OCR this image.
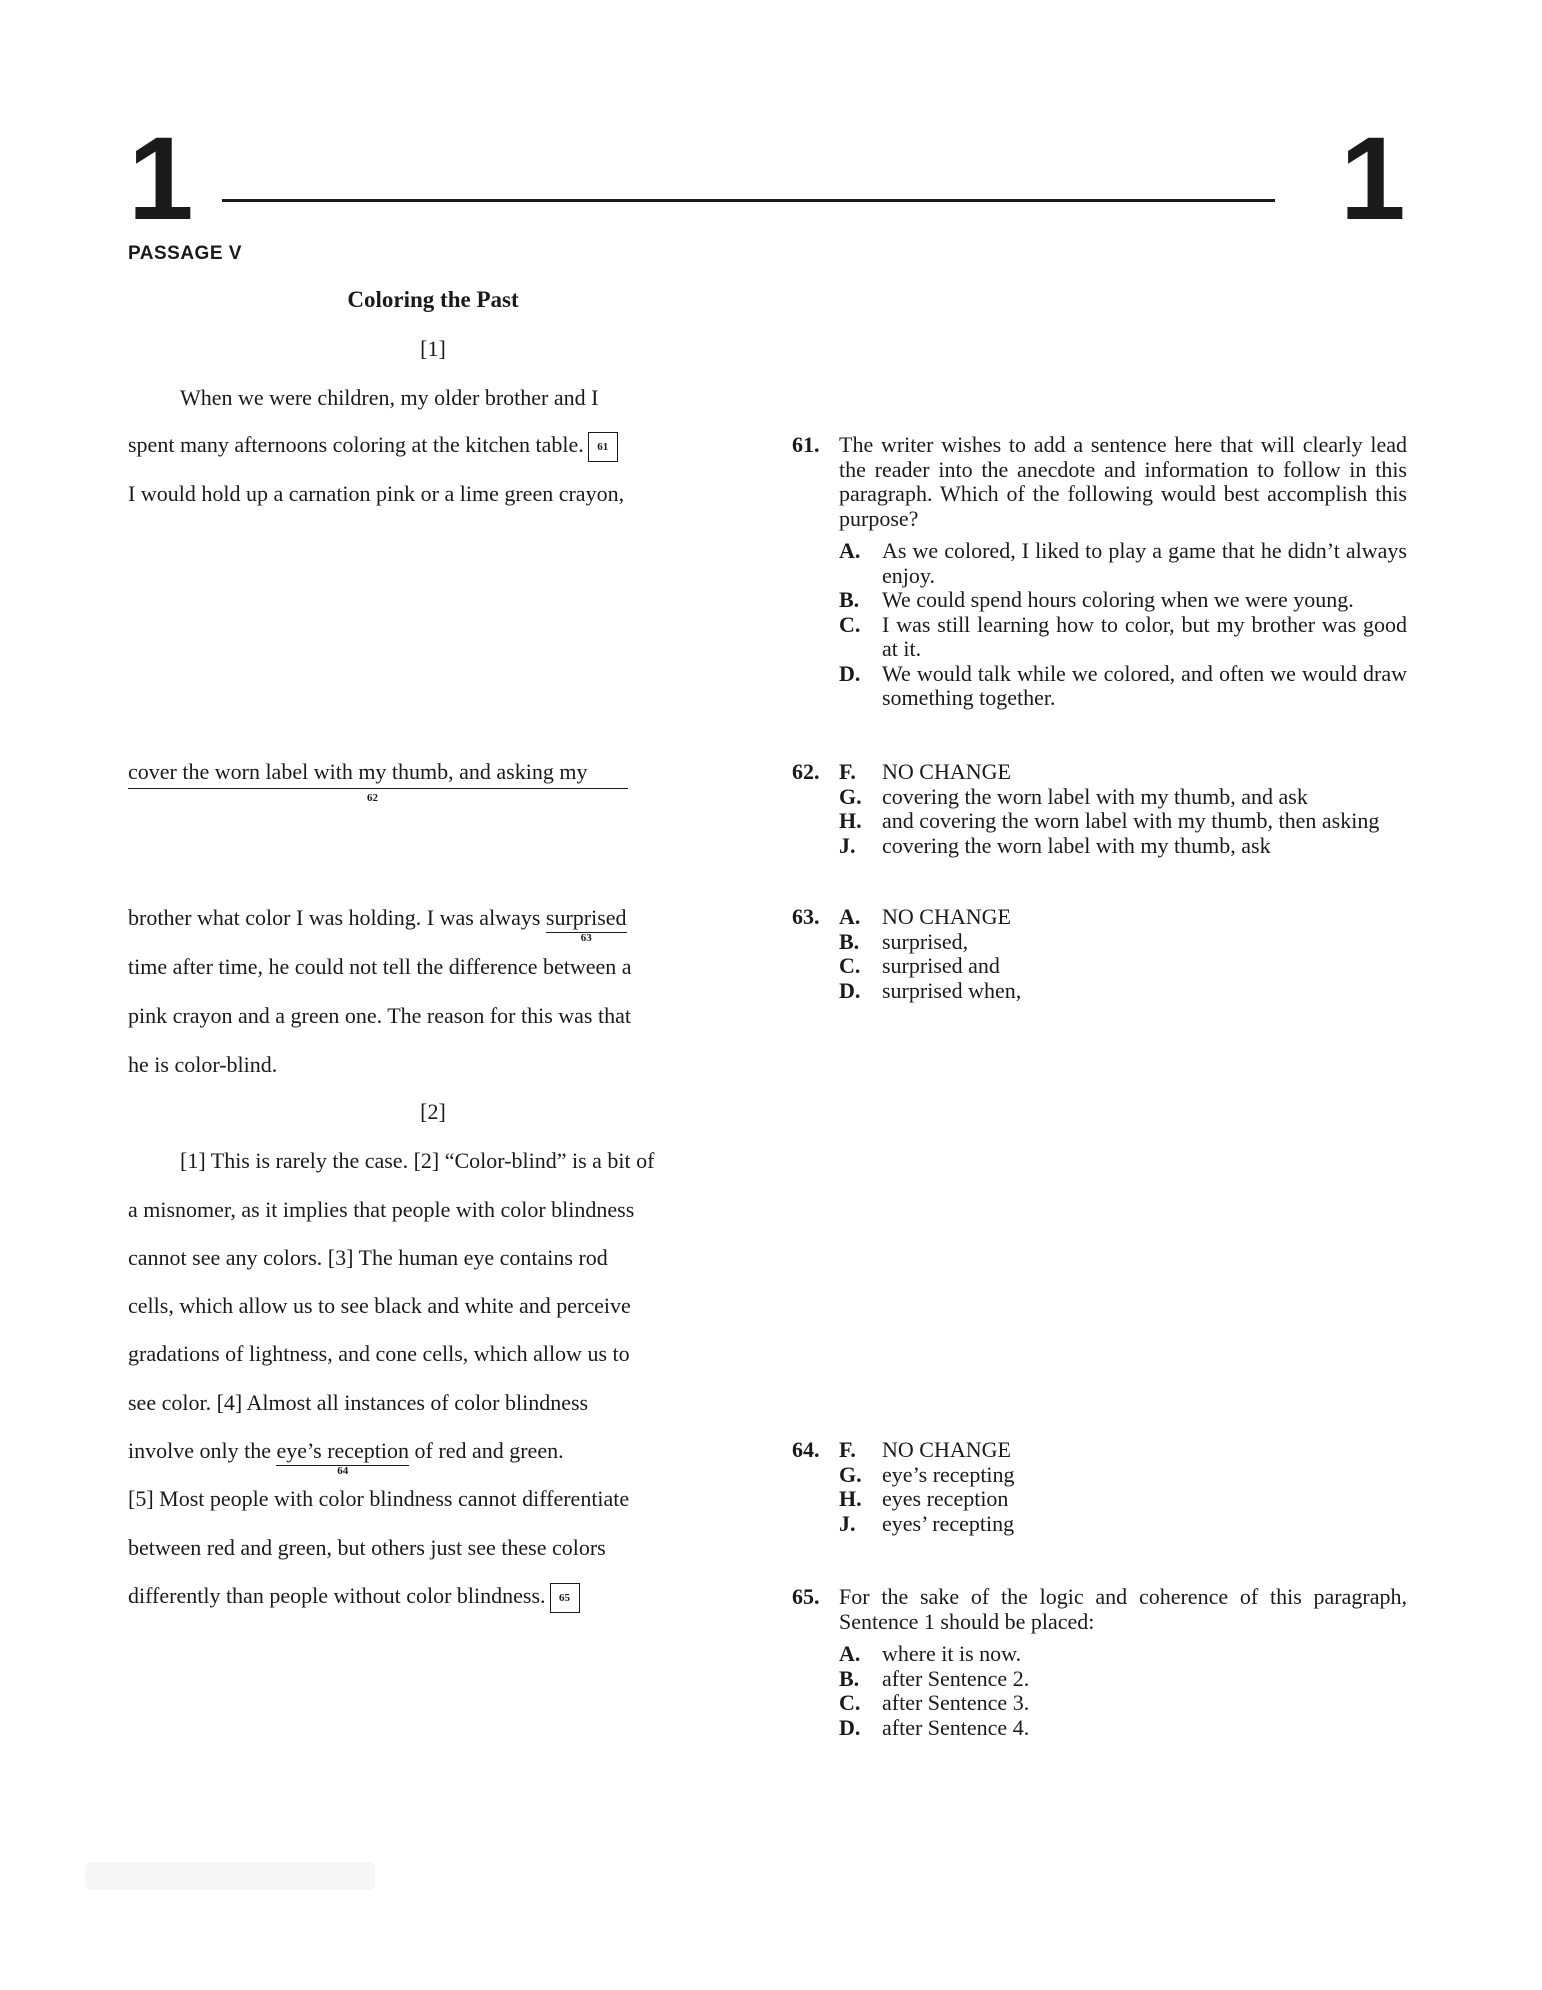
1	1
PASSAGE V
Coloring the Past
[1]
When we were children, my older brother and I
spent many afternoons coloring at the kitchen table. 61
I would hold up a carnation pink or a lime green crayon,
cover the worn label with my thumb, and asking my
62
brother what color I was holding. I was always surprised
63
time after time, he could not tell the difference between a
pink crayon and a green one. The reason for this was that
he is color-blind.
[2]
[1] This is rarely the case. [2] “Color-blind” is a bit of
a misnomer, as it implies that people with color blindness
cannot see any colors. [3] The human eye contains rod
cells, which allow us to see black and white and perceive
gradations of lightness, and cone cells, which allow us to
see color. [4] Almost all instances of color blindness
involve only the eye’s reception
64
of red and green.
[5] Most people with color blindness cannot differentiate
between red and green, but others just see these colors
differently than people without color blindness. 65
61. The writer wishes to add a sentence here that will clearly lead the reader into the anecdote and information to follow in this paragraph. Which of the following would best accomplish this purpose?
A. As we colored, I liked to play a game that he didn’t always enjoy.
B. We could spend hours coloring when we were young.
C. I was still learning how to color, but my brother was good at it.
D. We would talk while we colored, and often we would draw something together.
62. F. NO CHANGE
G. covering the worn label with my thumb, and ask
H. and covering the worn label with my thumb, then asking
J. covering the worn label with my thumb, ask
63. A. NO CHANGE
B. surprised,
C. surprised and
D. surprised when,
64. F. NO CHANGE
G. eye’s recepting
H. eyes reception
J. eyes’ recepting
65. For the sake of the logic and coherence of this paragraph, Sentence 1 should be placed:
A. where it is now.
B. after Sentence 2.
C. after Sentence 3.
D. after Sentence 4.
